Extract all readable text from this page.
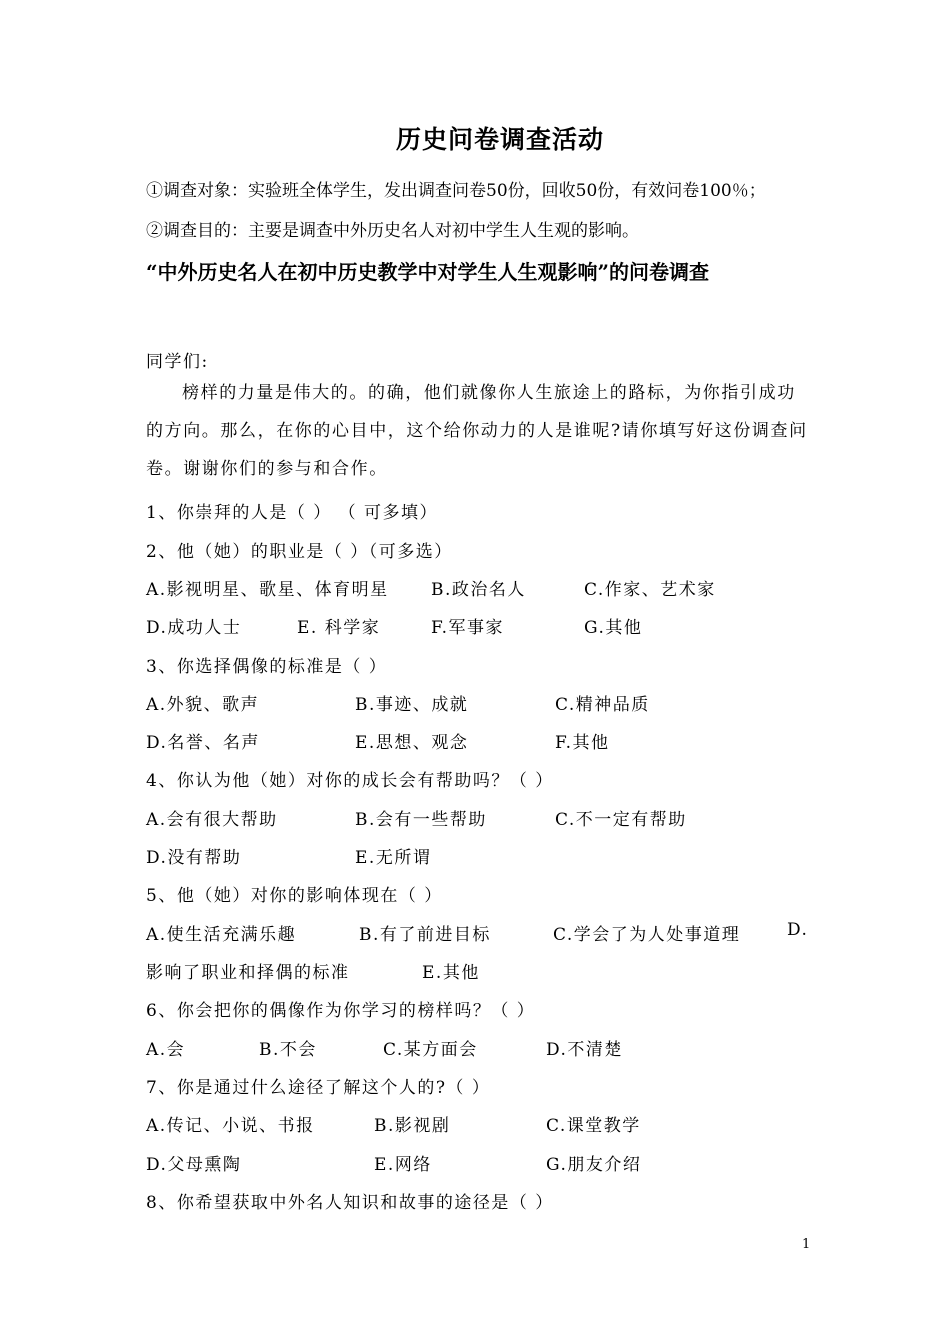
历史问卷调查活动
①调查对象：实验班全体学生，发出调查问卷50份，回收50份，有效问卷100％；
②调查目的：主要是调查中外历史名人对初中学生人生观的影响。
“中外历史名人在初中历史教学中对学生人生观影响”的问卷调查
同学们:
榜样的力量是伟大的。的确，他们就像你人生旅途上的路标，为你指引成功的方向。那么，在你的心目中，这个给你动力的人是谁呢?请你填写好这份调查问卷。谢谢你们的参与和合作。
1、你崇拜的人是（ ） （ 可多填）
2、他（她）的职业是（ ）（可多选）
A.影视明星、歌星、体育明星 B.政治名人	C.作家、艺术家
D.成功人士	E. 科学家	F.军事家	G.其他
3、你选择偶像的标准是（ ）
A.外貌、歌声	B.事迹、成就	C.精神品质
D.名誉、名声	E.思想、观念	F.其他
4、你认为他（她）对你的成长会有帮助吗？（ ）
A.会有很大帮助	B.会有一些帮助	C.不一定有帮助
D.没有帮助	E.无所谓
5、他（她）对你的影响体现在（ ）
A.使生活充满乐趣	B.有了前进目标	C.学会了为人处事道理	D.
影响了职业和择偶的标准	E.其他
6、你会把你的偶像作为你学习的榜样吗？（ ）
A.会	B.不会	C.某方面会	D.不清楚
7、你是通过什么途径了解这个人的?（ ）
A.传记、小说、书报	B.影视剧	C.课堂教学
D.父母熏陶	E.网络	G.朋友介绍
8、你希望获取中外名人知识和故事的途径是（ ）
1
